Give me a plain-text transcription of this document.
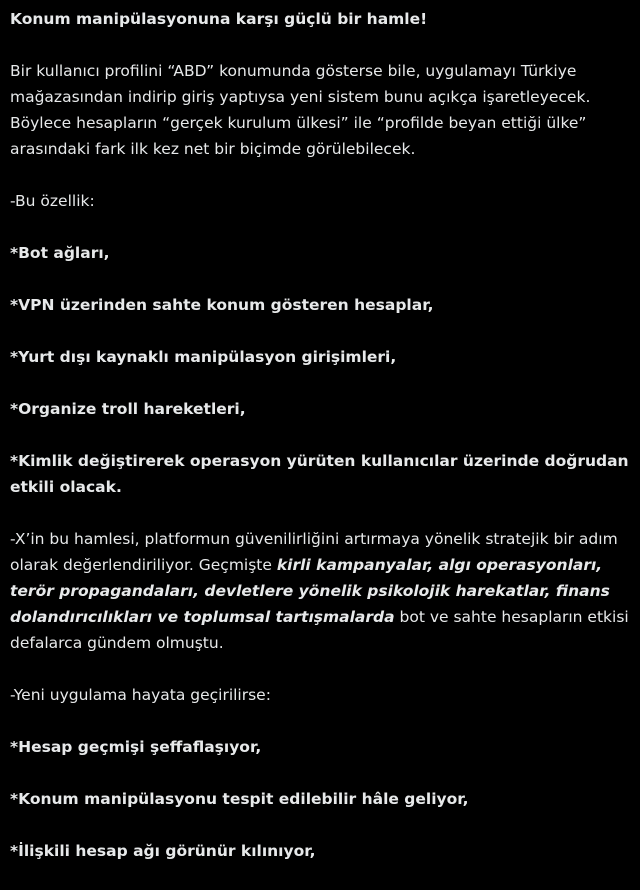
Konum manipülasyonuna karşı güçlü bir hamle!
Bir kullanıcı profilini “ABD” konumunda gösterse bile, uygulamayı Türkiye mağazasından indirip giriş yaptıysa yeni sistem bunu açıkça işaretleyecek. Böylece hesapların “gerçek kurulum ülkesi” ile “profilde beyan ettiği ülke” arasındaki fark ilk kez net bir biçimde görülebilecek.
-Bu özellik:
*Bot ağları,
*VPN üzerinden sahte konum gösteren hesaplar,
*Yurt dışı kaynaklı manipülasyon girişimleri,
*Organize troll hareketleri,
*Kimlik değiştirerek operasyon yürüten kullanıcılar üzerinde doğrudan etkili olacak.
-X’in bu hamlesi, platformun güvenilirliğini artırmaya yönelik stratejik bir adım olarak değerlendiriliyor. Geçmişte kirli kampanyalar, algı operasyonları, terör propagandaları, devletlere yönelik psikolojik harekatlar, finans dolandırıcılıkları ve toplumsal tartışmalarda bot ve sahte hesapların etkisi defalarca gündem olmuştu.
-Yeni uygulama hayata geçirilirse:
*Hesap geçmişi şeffaflaşıyor,
*Konum manipülasyonu tespit edilebilir hâle geliyor,
*İlişkili hesap ağı görünür kılınıyor,
